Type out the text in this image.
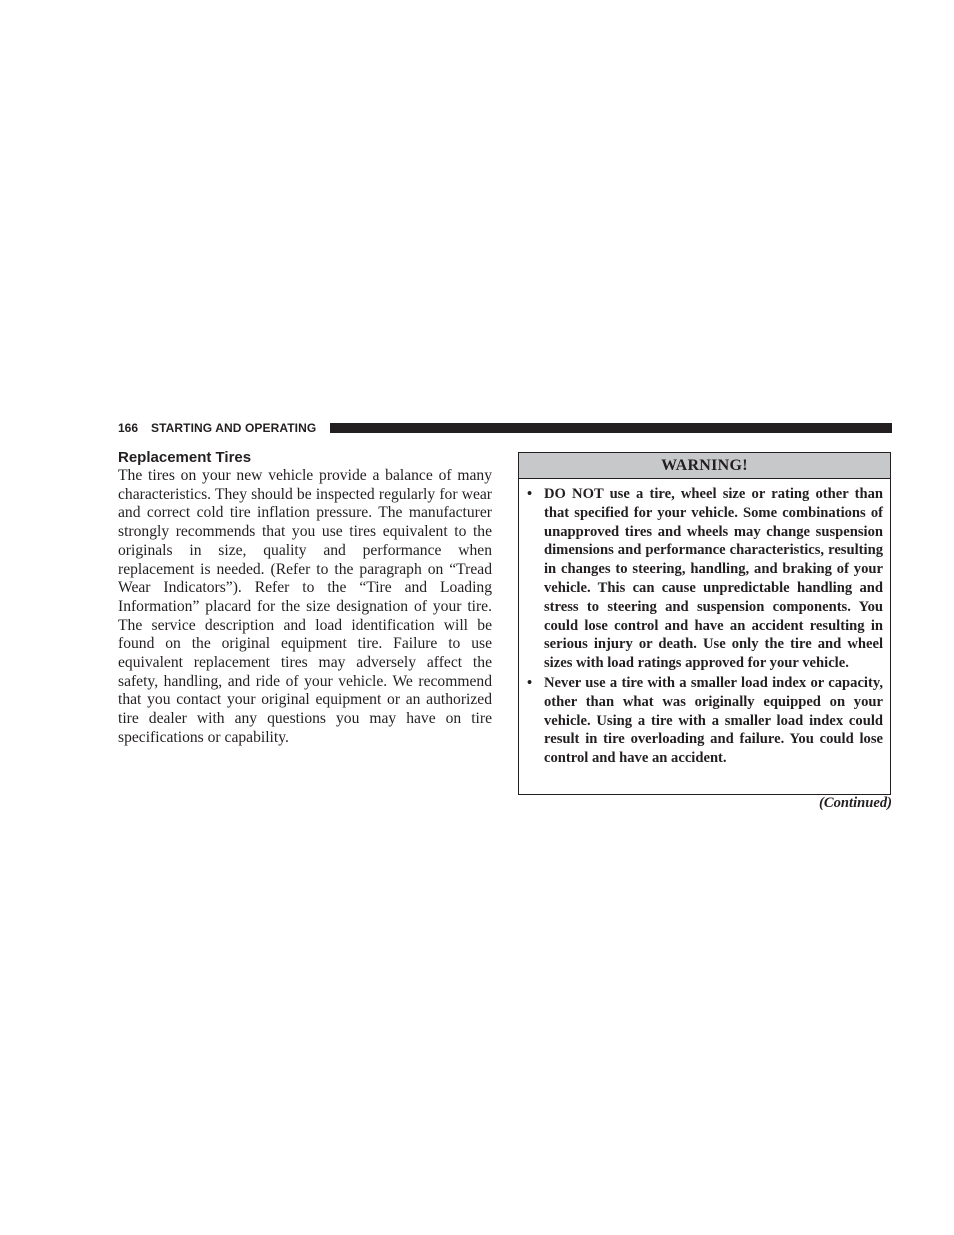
166 STARTING AND OPERATING
Replacement Tires

The tires on your new vehicle provide a balance of many characteristics. They should be inspected regularly for wear and correct cold tire inflation pressure. The manufacturer strongly recommends that you use tires equivalent to the originals in size, quality and performance when replacement is needed. (Refer to the paragraph on “Tread Wear Indicators”). Refer to the “Tire and Loading Information” placard for the size designation of your tire. The service description and load identification will be found on the original equipment tire. Failure to use equivalent replacement tires may adversely affect the safety, handling, and ride of your vehicle. We recommend that you contact your original equipment or an authorized tire dealer with any questions you may have on tire specifications or capability.

WARNING!
• DO NOT use a tire, wheel size or rating other than that specified for your vehicle. Some combinations of unapproved tires and wheels may change suspension dimensions and performance characteristics, resulting in changes to steering, handling, and braking of your vehicle. This can cause unpredictable handling and stress to steering and suspension components. You could lose control and have an accident resulting in serious injury or death. Use only the tire and wheel sizes with load ratings approved for your vehicle.
• Never use a tire with a smaller load index or capacity, other than what was originally equipped on your vehicle. Using a tire with a smaller load index could result in tire overloading and failure. You could lose control and have an accident.
(Continued)
